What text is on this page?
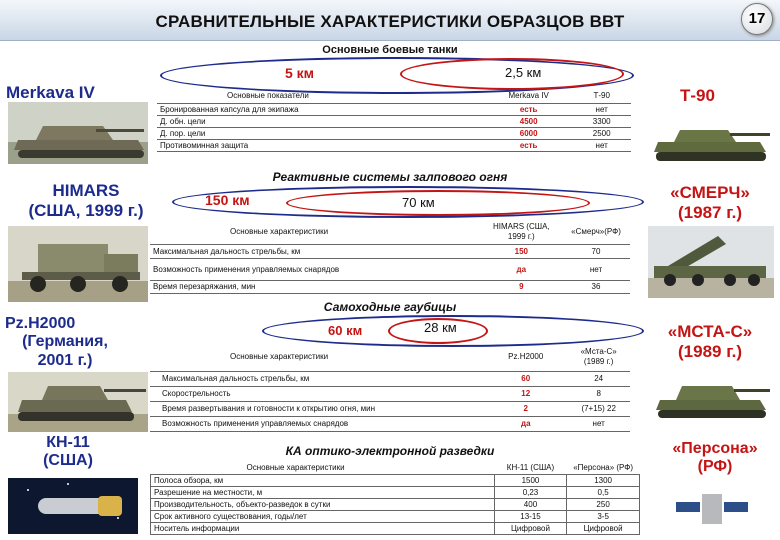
СРАВНИТЕЛЬНЫЕ ХАРАКТЕРИСТИКИ ОБРАЗЦОВ ВВТ	17
Основные боевые танки
Merkava IV	Т-90
5 км	2,5 км
Основные показатели	Merkava IV	Т-90
Бронированная капсула для экипажа	есть	нет
Д. обн. цели	4500	3300
Д. пор. цели	6000	2500
Противоминная защита	есть	нет
Реактивные системы залпового огня
HIMARS
(США, 1999 г.)
«СМЕРЧ»
(1987 г.)
150 км	70 км
Основные характеристики	HIMARS (США, 1999 г.)	«Смерч»(РФ)
Максимальная дальность стрельбы, км	150	70
Возможность применения управляемых снарядов	да	нет
Время перезаряжания, мин	9	36
Самоходные гаубицы
Pz.H2000
(Германия, 2001 г.)
«МСТА-С»
(1989 г.)
60 км	28 км
Основные характеристики	Pz.H2000	«Мста-С» (1989 г.)
Максимальная дальность стрельбы, км	60	24
Скорострельность	12	8
Время развертывания и готовности к открытию огня, мин	2	(7+15) 22
Возможность применения управляемых снарядов	да	нет
КА оптико-электронной разведки
КН-11
(США)
«Персона»
(РФ)
Основные характеристики	КН-11 (США)	«Персона» (РФ)
Полоса обзора, км	1500	1300
Разрешение на местности, м	0,23	0,5
Производительность, объекто-разведок в сутки	400	250
Срок активного существования, годы/лет	13-15	3-5
Носитель информации	Цифровой	Цифровой
